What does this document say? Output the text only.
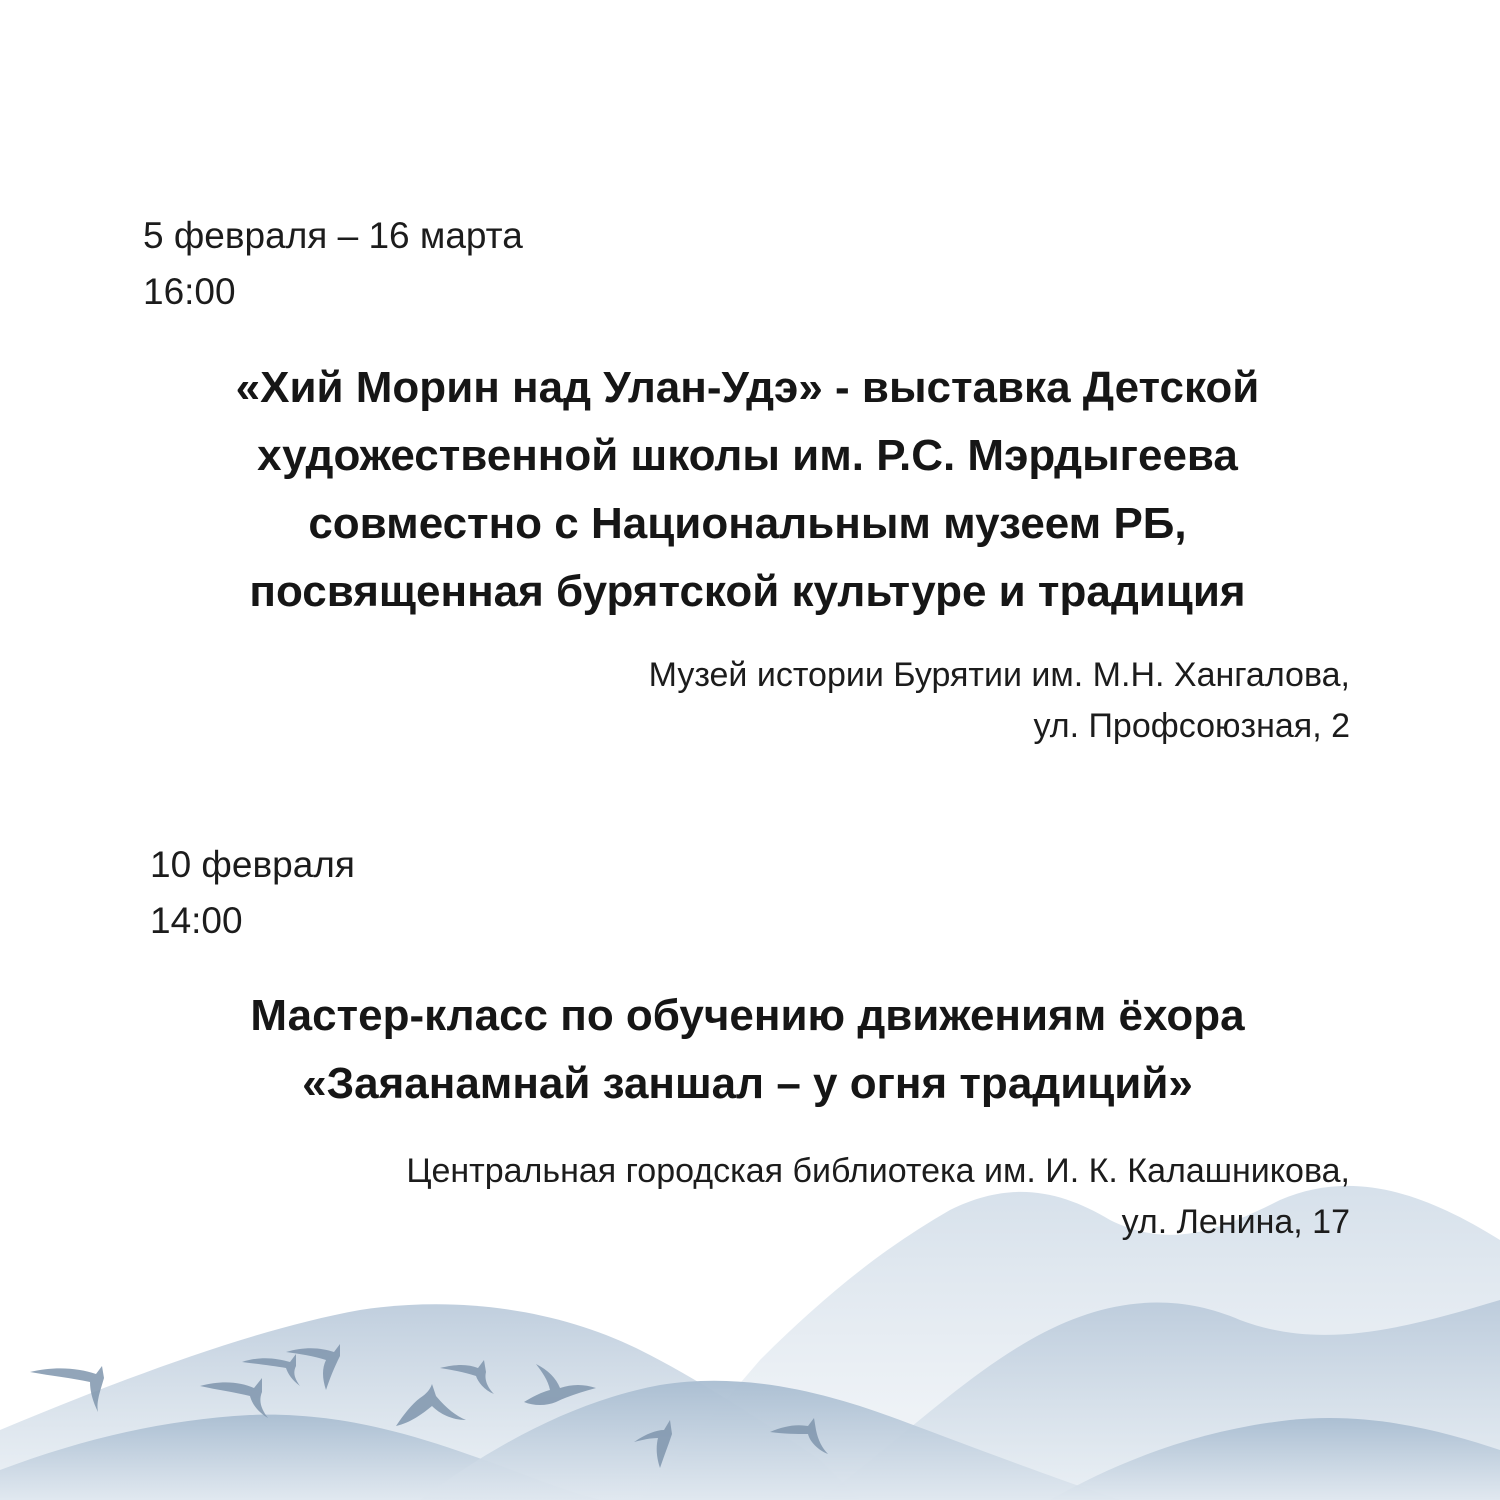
5 февраля – 16 марта
16:00
«Хий Морин над Улан-Удэ» - выставка Детской
художественной школы им. Р.С. Мэрдыгеева
совместно с Национальным музеем РБ,
посвященная бурятской культуре и традиция
Музей истории Бурятии им. М.Н. Хангалова,
ул. Профсоюзная, 2
10 февраля
14:00
Мастер-класс по обучению движениям ёхора
«Заяанамнай заншал – у огня традиций»
Центральная городская библиотека им. И. К. Калашникова,
ул. Ленина, 17
